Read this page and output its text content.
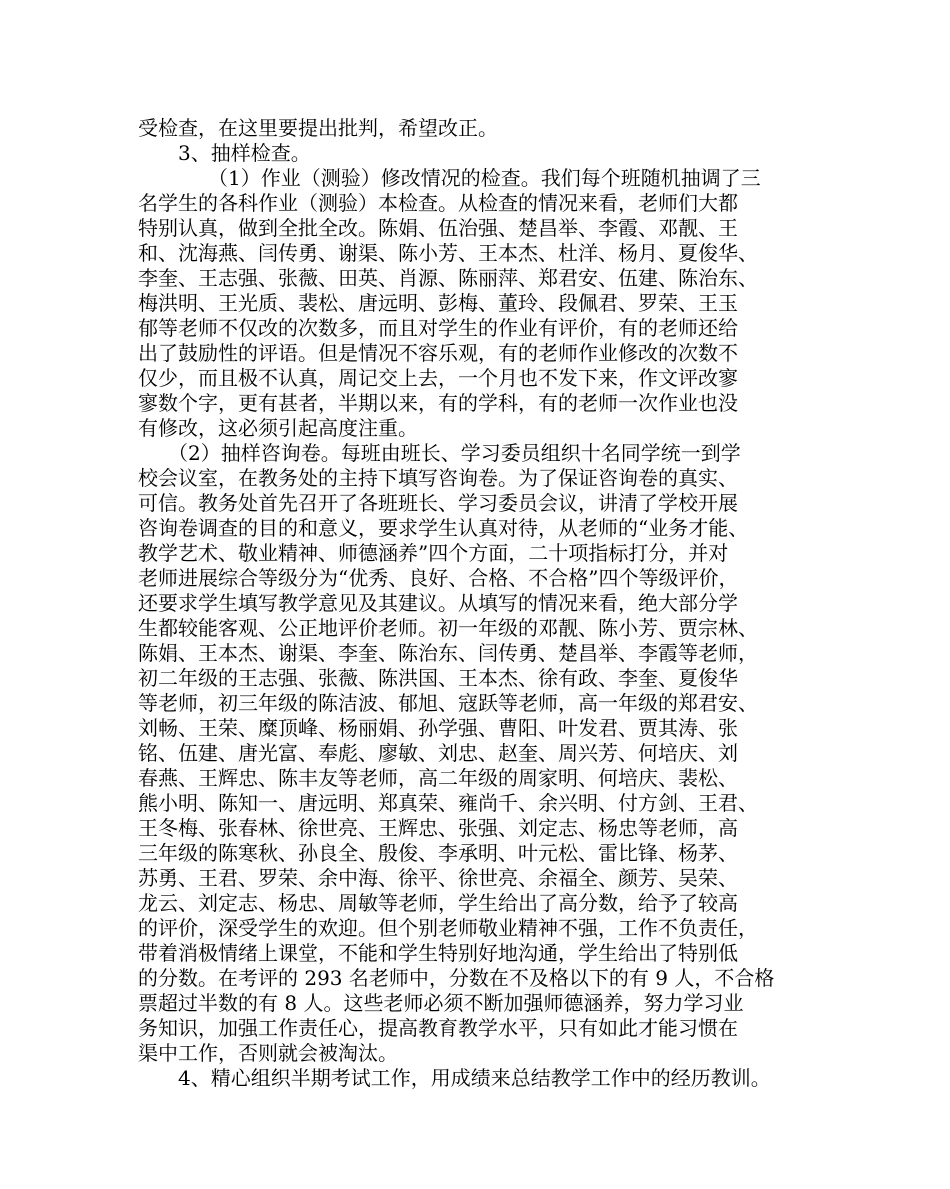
受检查，在这里要提出批判，希望改正。
　　3、抽样检查。
　　　　（1）作业（测验）修改情况的检查。我们每个班随机抽调了三
名学生的各科作业（测验）本检查。从检查的情况来看，老师们大都
特别认真，做到全批全改。陈娟、伍治强、楚昌举、李霞、邓靓、王
和、沈海燕、闫传勇、谢渠、陈小芳、王本杰、杜洋、杨月、夏俊华、
李奎、王志强、张薇、田英、肖源、陈丽萍、郑君安、伍建、陈治东、
梅洪明、王光质、裴松、唐远明、彭梅、董玲、段佩君、罗荣、王玉
郁等老师不仅改的次数多，而且对学生的作业有评价，有的老师还给
出了鼓励性的评语。但是情况不容乐观，有的老师作业修改的次数不
仅少，而且极不认真，周记交上去，一个月也不发下来，作文评改寥
寥数个字，更有甚者，半期以来，有的学科，有的老师一次作业也没
有修改，这必须引起高度注重。
　　（2）抽样咨询卷。每班由班长、学习委员组织十名同学统一到学
校会议室，在教务处的主持下填写咨询卷。为了保证咨询卷的真实、
可信。教务处首先召开了各班班长、学习委员会议，讲清了学校开展
咨询卷调查的目的和意义，要求学生认真对待，从老师的“业务才能、
教学艺术、敬业精神、师德涵养”四个方面，二十项指标打分，并对
老师进展综合等级分为“优秀、良好、合格、不合格”四个等级评价，
还要求学生填写教学意见及其建议。从填写的情况来看，绝大部分学
生都较能客观、公正地评价老师。初一年级的邓靓、陈小芳、贾宗林、
陈娟、王本杰、谢渠、李奎、陈治东、闫传勇、楚昌举、李霞等老师，
初二年级的王志强、张薇、陈洪国、王本杰、徐有政、李奎、夏俊华
等老师，初三年级的陈洁波、郁旭、寇跃等老师，高一年级的郑君安、
刘畅、王荣、糜顶峰、杨丽娟、孙学强、曹阳、叶发君、贾其涛、张
铭、伍建、唐光富、奉彪、廖敏、刘忠、赵奎、周兴芳、何培庆、刘
春燕、王辉忠、陈丰友等老师，高二年级的周家明、何培庆、裴松、
熊小明、陈知一、唐远明、郑真荣、雍尚千、余兴明、付方剑、王君、
王冬梅、张春林、徐世亮、王辉忠、张强、刘定志、杨忠等老师，高
三年级的陈寒秋、孙良全、殷俊、李承明、叶元松、雷比锋、杨茅、
苏勇、王君、罗荣、余中海、徐平、徐世亮、余福全、颜芳、吴荣、
龙云、刘定志、杨忠、周敏等老师，学生给出了高分数，给予了较高
的评价，深受学生的欢迎。但个别老师敬业精神不强，工作不负责任，
带着消极情绪上课堂，不能和学生特别好地沟通，学生给出了特别低
的分数。在考评的 293 名老师中，分数在不及格以下的有 9 人，不合格
票超过半数的有 8 人。这些老师必须不断加强师德涵养，努力学习业
务知识，加强工作责任心，提高教育教学水平，只有如此才能习惯在
渠中工作，否则就会被淘汰。
　　4、精心组织半期考试工作，用成绩来总结教学工作中的经历教训。
